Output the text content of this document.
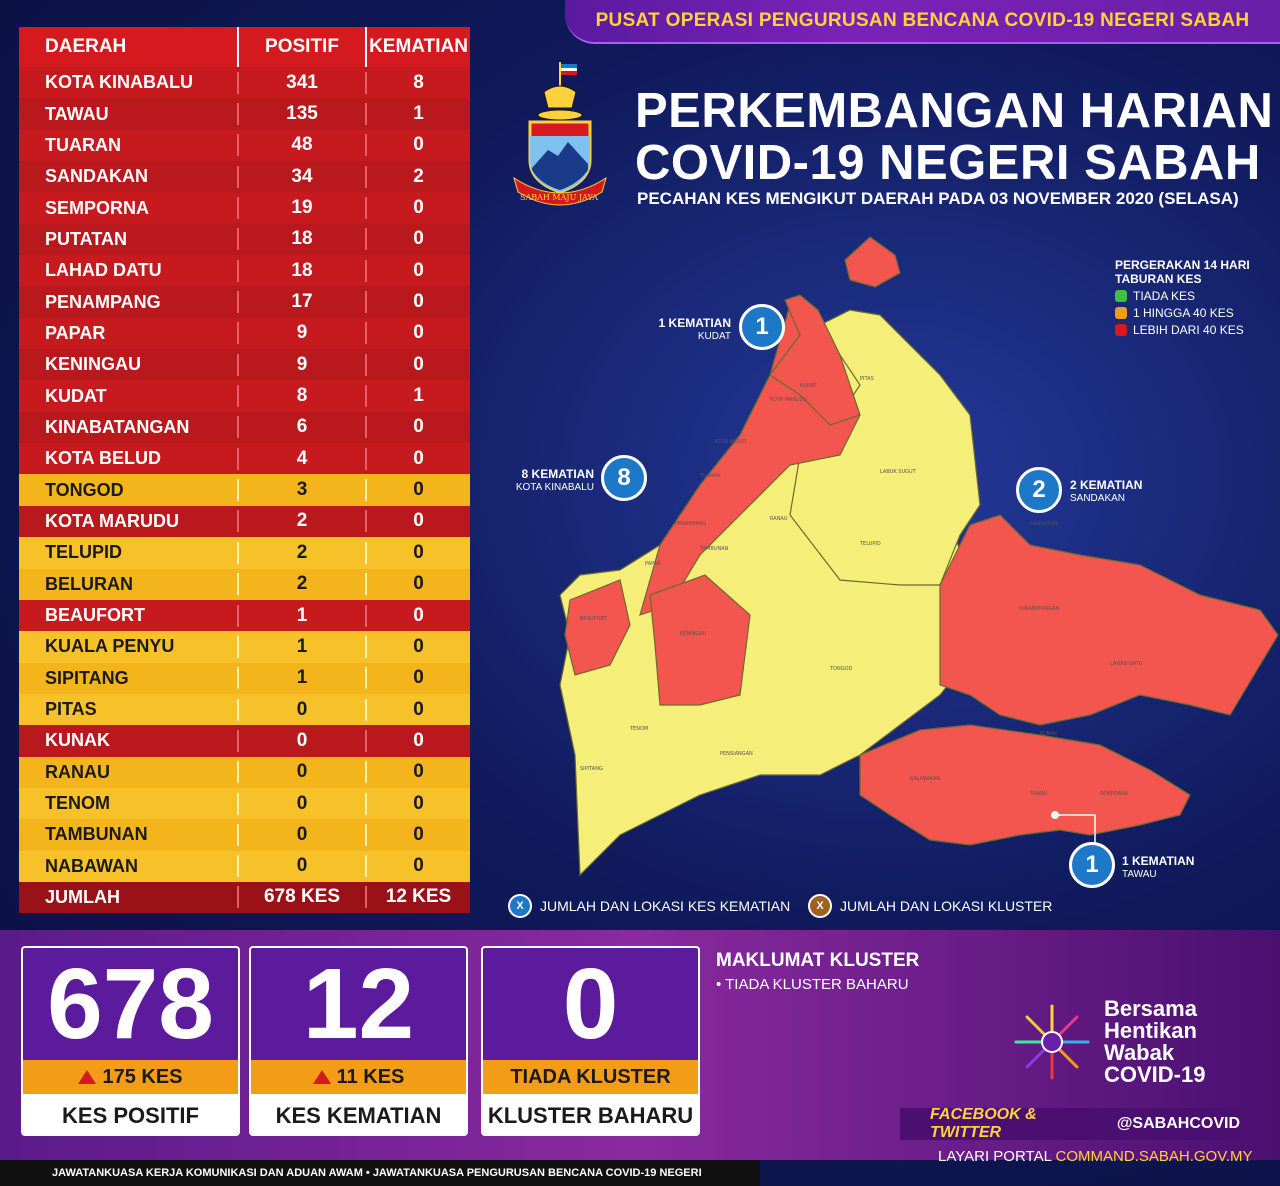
PUSAT OPERASI PENGURUSAN BENCANA COVID-19 NEGERI SABAH
DAERAH	POSITIF	KEMATIAN
KOTA KINABALU	341	8
TAWAU	135	1
TUARAN	48	0
SANDAKAN	34	2
SEMPORNA	19	0
PUTATAN	18	0
LAHAD DATU	18	0
PENAMPANG	17	0
PAPAR	9	0
KENINGAU	9	0
KUDAT	8	1
KINABATANGAN	6	0
KOTA BELUD	4	0
TONGOD	3	0
KOTA MARUDU	2	0
TELUPID	2	0
BELURAN	2	0
BEAUFORT	1	0
KUALA PENYU	1	0
SIPITANG	1	0
PITAS	0	0
KUNAK	0	0
RANAU	0	0
TENOM	0	0
TAMBUNAN	0	0
NABAWAN	0	0
JUMLAH	678 KES	12 KES
SABAH MAJU JAYA
PERKEMBANGAN HARIAN
COVID-19 NEGERI SABAH
PECAHAN KES MENGIKUT DAERAH PADA 03 NOVEMBER 2020 (SELASA)
KUDAT
KOTA MARUDU
PITAS
KOTA BELUD
TUARAN
LABUK SUGUT
RANAU
PENAMPANG
TELUPID
TAMBUNAN
PAPAR
SANDAKAN
KINABATANGAN
BEAUFORT
KENINGAU
TONGOD
LAHAD DATU
TENOM
KUNAK
PENSIANGAN
SIPITANG
KALABAKAN
TAWAU	SEMPORNA
PERGERAKAN 14 HARI
TABURAN KES
TIADA KES
1 HINGGA 40 KES
LEBIH DARI 40 KES
1
1 KEMATIAN
KUDAT
8
8 KEMATIAN
KOTA KINABALU	2	2 KEMATIAN
SANDAKAN
1	1 KEMATIAN
TAWAU
X	JUMLAH DAN LOKASI KES KEMATIAN	X	JUMLAH DAN LOKASI KLUSTER
678
175 KES
KES POSITIF
12
11 KES
KES KEMATIAN
0
TIADA KLUSTER
KLUSTER BAHARU
MAKLUMAT KLUSTER
• TIADA KLUSTER BAHARU
Bersama
Hentikan
Wabak
COVID-19
FACEBOOK & TWITTER
@SABAHCOVID
LAYARI PORTAL COMMAND.SABAH.GOV.MY
JAWATANKUASA KERJA KOMUNIKASI DAN ADUAN AWAM • JAWATANKUASA PENGURUSAN BENCANA COVID-19 NEGERI
